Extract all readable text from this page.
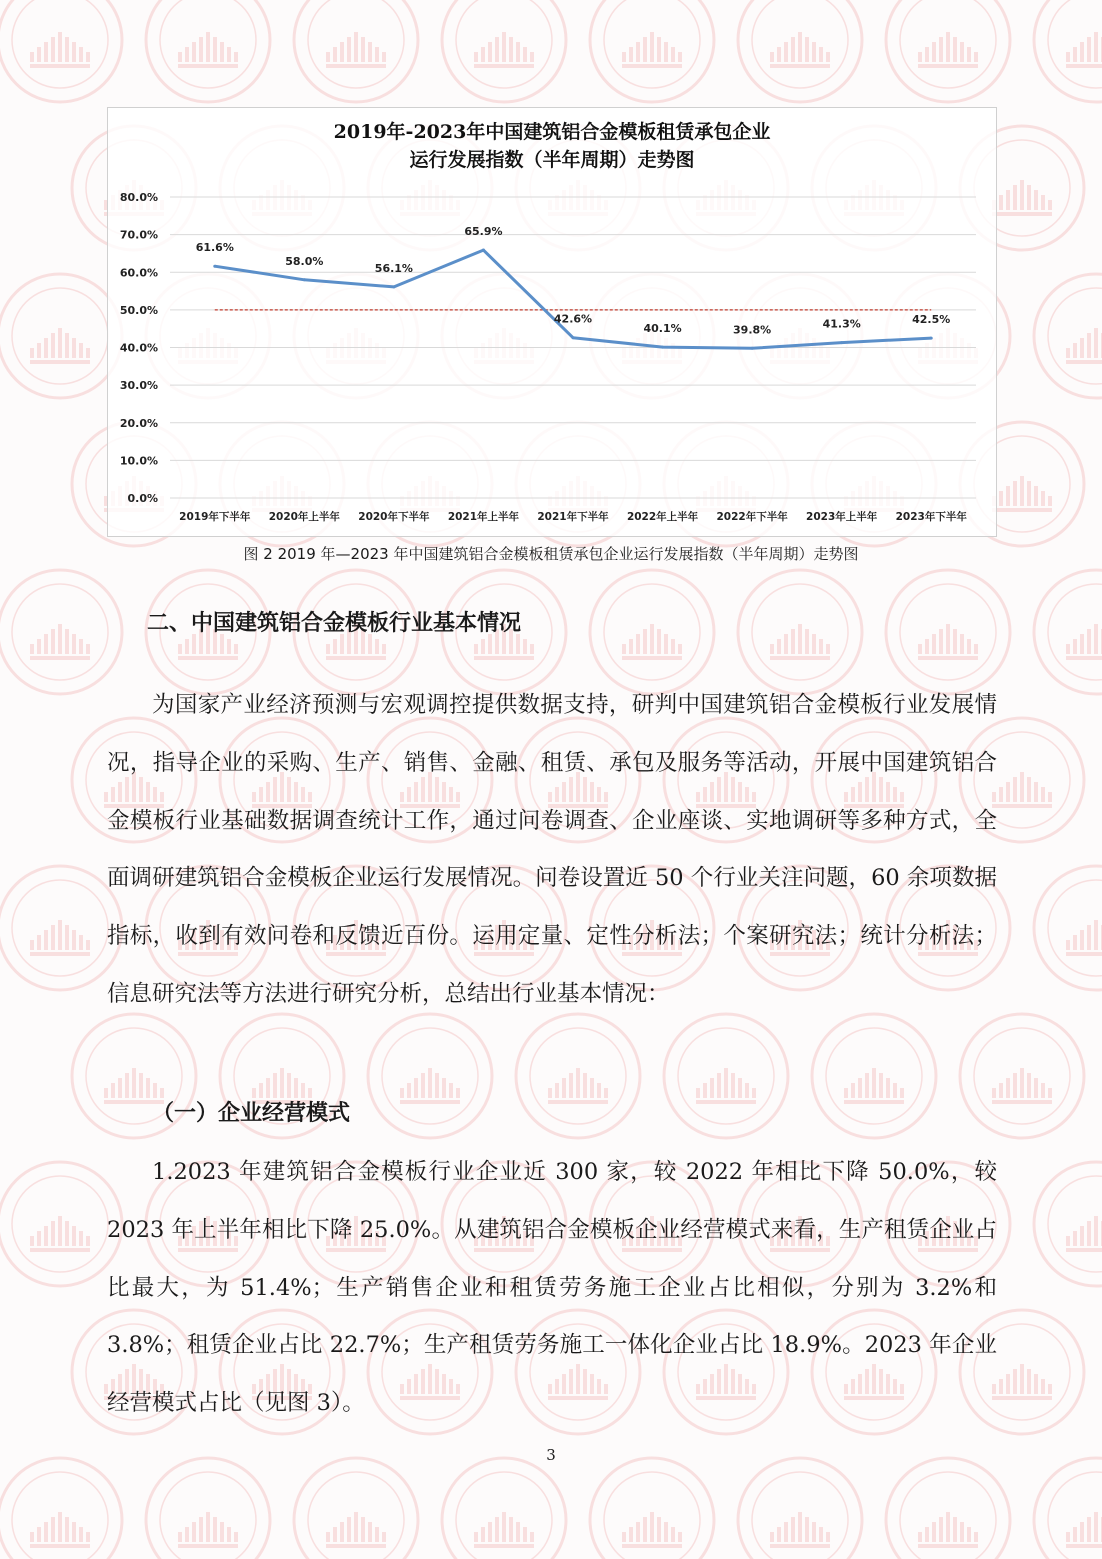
2019年-2023年中国建筑铝合金模板租赁承包企业
运行发展指数（半年周期）走势图
80.0%
70.0%
60.0%
50.0%
40.0%
30.0%
20.0%
10.0%
0.0%
2019年下半年 2020年上半年 2020年下半年 2021年上半年 2021年下半年 2022年上半年 2022年下半年 2023年上半年 2023年下半年
61.6%
58.0%
56.1%
65.9%
42.6%
40.1%	39.8%	41.3%	42.5%
图 2 2019 年—2023 年中国建筑铝合金模板租赁承包企业运行发展指数（半年周期）走势图
二、中国建筑铝合金模板行业基本情况

为国家产业经济预测与宏观调控提供数据支持，研判中国建筑铝合金模板行业发展情况，指导企业的采购、生产、销售、金融、租赁、承包及服务等活动，开展中国建筑铝合金模板行业基础数据调查统计工作，通过问卷调查、企业座谈、实地调研等多种方式，全面调研建筑铝合金模板企业运行发展情况。问卷设置近 50 个行业关注问题，60 余项数据指标，收到有效问卷和反馈近百份。运用定量、定性分析法；个案研究法；统计分析法；信息研究法等方法进行研究分析，总结出行业基本情况：

（一）企业经营模式

1.2023 年建筑铝合金模板行业企业近 300 家，较 2022 年相比下降 50.0%，较 2023 年上半年相比下降 25.0%。从建筑铝合金模板企业经营模式来看，生产租赁企业占比最大，为 51.4%；生产销售企业和租赁劳务施工企业占比相似，分别为 3.2%和 3.8%；租赁企业占比 22.7%；生产租赁劳务施工一体化企业占比 18.9%。2023 年企业经营模式占比（见图 3）。

3
